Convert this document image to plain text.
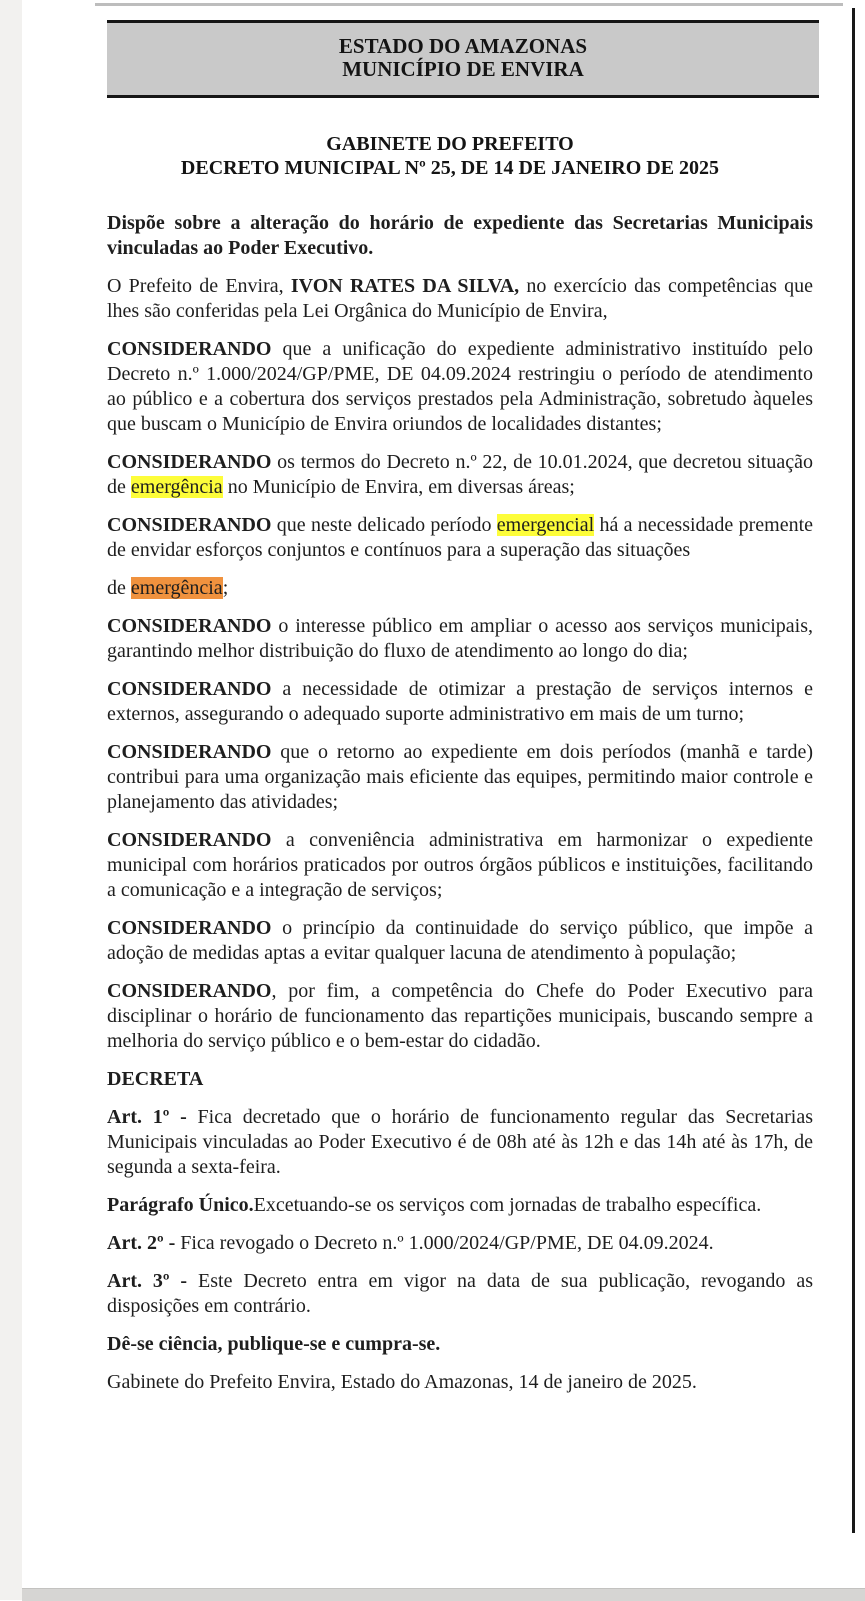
ESTADO DO AMAZONAS
MUNICÍPIO DE ENVIRA
GABINETE DO PREFEITO
DECRETO MUNICIPAL Nº 25, DE 14 DE JANEIRO DE 2025

Dispõe sobre a alteração do horário de expediente das Secretarias Municipais vinculadas ao Poder Executivo.

O Prefeito de Envira, IVON RATES DA SILVA, no exercício das competências que lhes são conferidas pela Lei Orgânica do Município de Envira,

CONSIDERANDO que a unificação do expediente administrativo instituído pelo Decreto n.º 1.000/2024/GP/PME, DE 04.09.2024 restringiu o período de atendimento ao público e a cobertura dos serviços prestados pela Administração, sobretudo àqueles que buscam o Município de Envira oriundos de localidades distantes;

CONSIDERANDO os termos do Decreto n.º 22, de 10.01.2024, que decretou situação de emergência no Município de Envira, em diversas áreas;

CONSIDERANDO que neste delicado período emergencial há a necessidade premente de envidar esforços conjuntos e contínuos para a superação das situações

de emergência;

CONSIDERANDO o interesse público em ampliar o acesso aos serviços municipais, garantindo melhor distribuição do fluxo de atendimento ao longo do dia;

CONSIDERANDO a necessidade de otimizar a prestação de serviços internos e externos, assegurando o adequado suporte administrativo em mais de um turno;

CONSIDERANDO que o retorno ao expediente em dois períodos (manhã e tarde) contribui para uma organização mais eficiente das equipes, permitindo maior controle e planejamento das atividades;

CONSIDERANDO a conveniência administrativa em harmonizar o expediente municipal com horários praticados por outros órgãos públicos e instituições, facilitando a comunicação e a integração de serviços;

CONSIDERANDO o princípio da continuidade do serviço público, que impõe a adoção de medidas aptas a evitar qualquer lacuna de atendimento à população;

CONSIDERANDO, por fim, a competência do Chefe do Poder Executivo para disciplinar o horário de funcionamento das repartições municipais, buscando sempre a melhoria do serviço público e o bem-estar do cidadão.

DECRETA

Art. 1º - Fica decretado que o horário de funcionamento regular das Secretarias Municipais vinculadas ao Poder Executivo é de 08h até às 12h e das 14h até às 17h, de segunda a sexta-feira.

Parágrafo Único.Excetuando-se os serviços com jornadas de trabalho específica.

Art. 2º - Fica revogado o Decreto n.º 1.000/2024/GP/PME, DE 04.09.2024.

Art. 3º - Este Decreto entra em vigor na data de sua publicação, revogando as disposições em contrário.

Dê-se ciência, publique-se e cumpra-se.

Gabinete do Prefeito Envira, Estado do Amazonas, 14 de janeiro de 2025.
